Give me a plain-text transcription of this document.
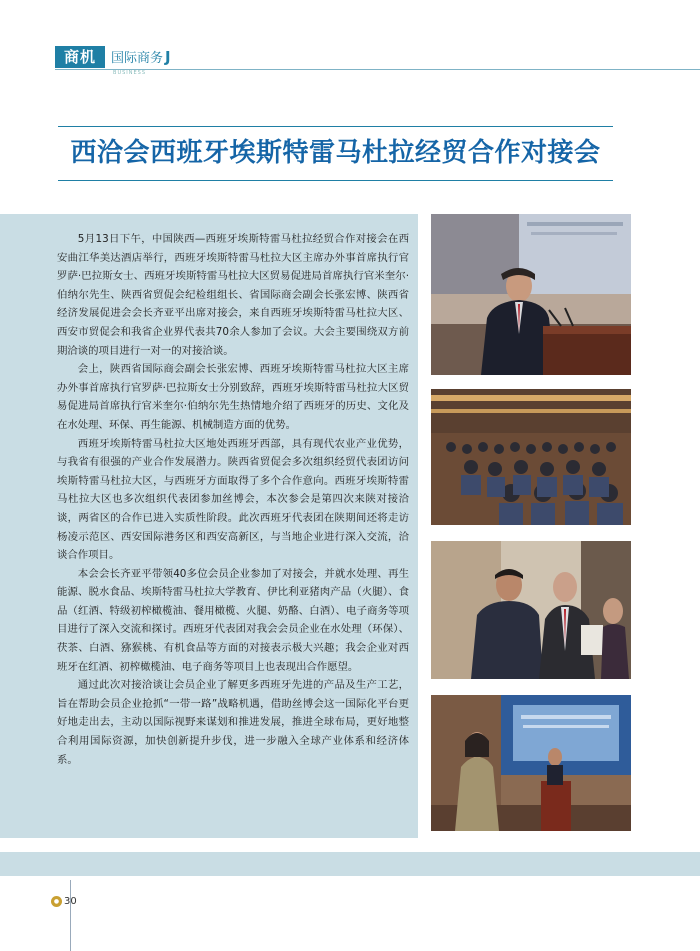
商机	国际商务 J
BUSINESS
西洽会西班牙埃斯特雷马杜拉经贸合作对接会

5月13日下午，中国陕西—西班牙埃斯特雷马杜拉经贸合作对接会在西安曲江华美达酒店举行，西班牙埃斯特雷马杜拉大区主席办外事首席执行官罗萨·巴拉斯女士、西班牙埃斯特雷马杜拉大区贸易促进局首席执行官米奎尔·伯纳尔先生、陕西省贸促会纪检组组长、省国际商会副会长张宏博、陕西省经济发展促进会会长齐亚平出席对接会，来自西班牙埃斯特雷马杜拉大区、西安市贸促会和我省企业界代表共70余人参加了会议。大会主要围绕双方前期洽谈的项目进行一对一的对接洽谈。

会上，陕西省国际商会副会长张宏博、西班牙埃斯特雷马杜拉大区主席办外事首席执行官罗萨·巴拉斯女士分别致辞，西班牙埃斯特雷马杜拉大区贸易促进局首席执行官米奎尔·伯纳尔先生热情地介绍了西班牙的历史、文化及在水处理、环保、再生能源、机械制造方面的优势。

西班牙埃斯特雷马杜拉大区地处西班牙西部，具有现代农业产业优势，与我省有很强的产业合作发展潜力。陕西省贸促会多次组织经贸代表团访问埃斯特雷马杜拉大区，与西班牙方面取得了多个合作意向。西班牙埃斯特雷马杜拉大区也多次组织代表团参加丝博会，本次参会是第四次来陕对接洽谈，两省区的合作已进入实质性阶段。此次西班牙代表团在陕期间还将走访杨凌示范区、西安国际港务区和西安高新区，与当地企业进行深入交流，洽谈合作项目。

本会会长齐亚平带领40多位会员企业参加了对接会，并就水处理、再生能源、脱水食品、埃斯特雷马杜拉大学教育、伊比利亚猪肉产品（火腿）、食品（红酒、特级初榨橄榄油、餐用橄榄、火腿、奶酪、白酒）、电子商务等项目进行了深入交流和探讨。西班牙代表团对我会会员企业在水处理（环保）、茯茶、白酒、猕猴桃、有机食品等方面的对接表示极大兴趣；我会企业对西班牙在红酒、初榨橄榄油、电子商务等项目上也表现出合作愿望。

通过此次对接洽谈让会员企业了解更多西班牙先进的产品及生产工艺，旨在帮助会员企业抢抓“一带一路”战略机遇，借助丝博会这一国际化平台更好地走出去，主动以国际视野来谋划和推进发展，推进全球布局，更好地整合利用国际资源，加快创新提升步伐，进一步融入全球产业体系和经济体系。

● 30
